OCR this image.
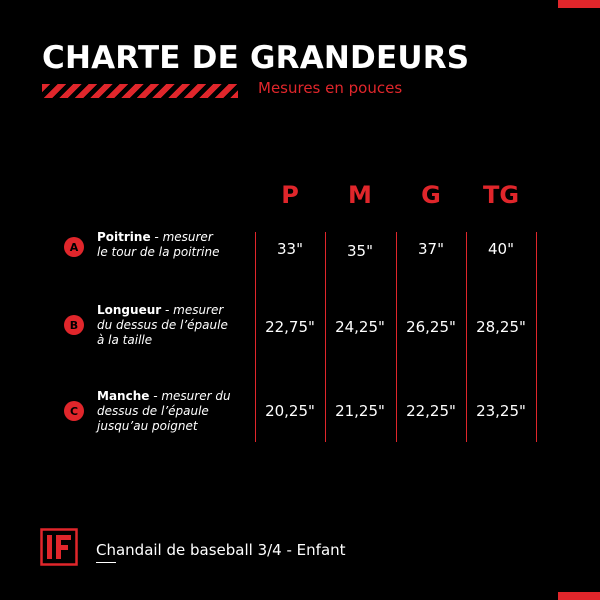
CHARTE DE GRANDEURS
Mesures en pouces
P	M	G	TG
A
Poitrine - mesurer
le tour de la poitrine	33"	35"	37"	40"
B
Longueur - mesurer
du dessus de l’épaule
à la taille
22,75"	24,25"	26,25"	28,25"
C
Manche - mesurer du
dessus de l’épaule
jusqu’au poignet
20,25"	21,25"	22,25"	23,25"
Chandail de baseball 3/4 - Enfant
